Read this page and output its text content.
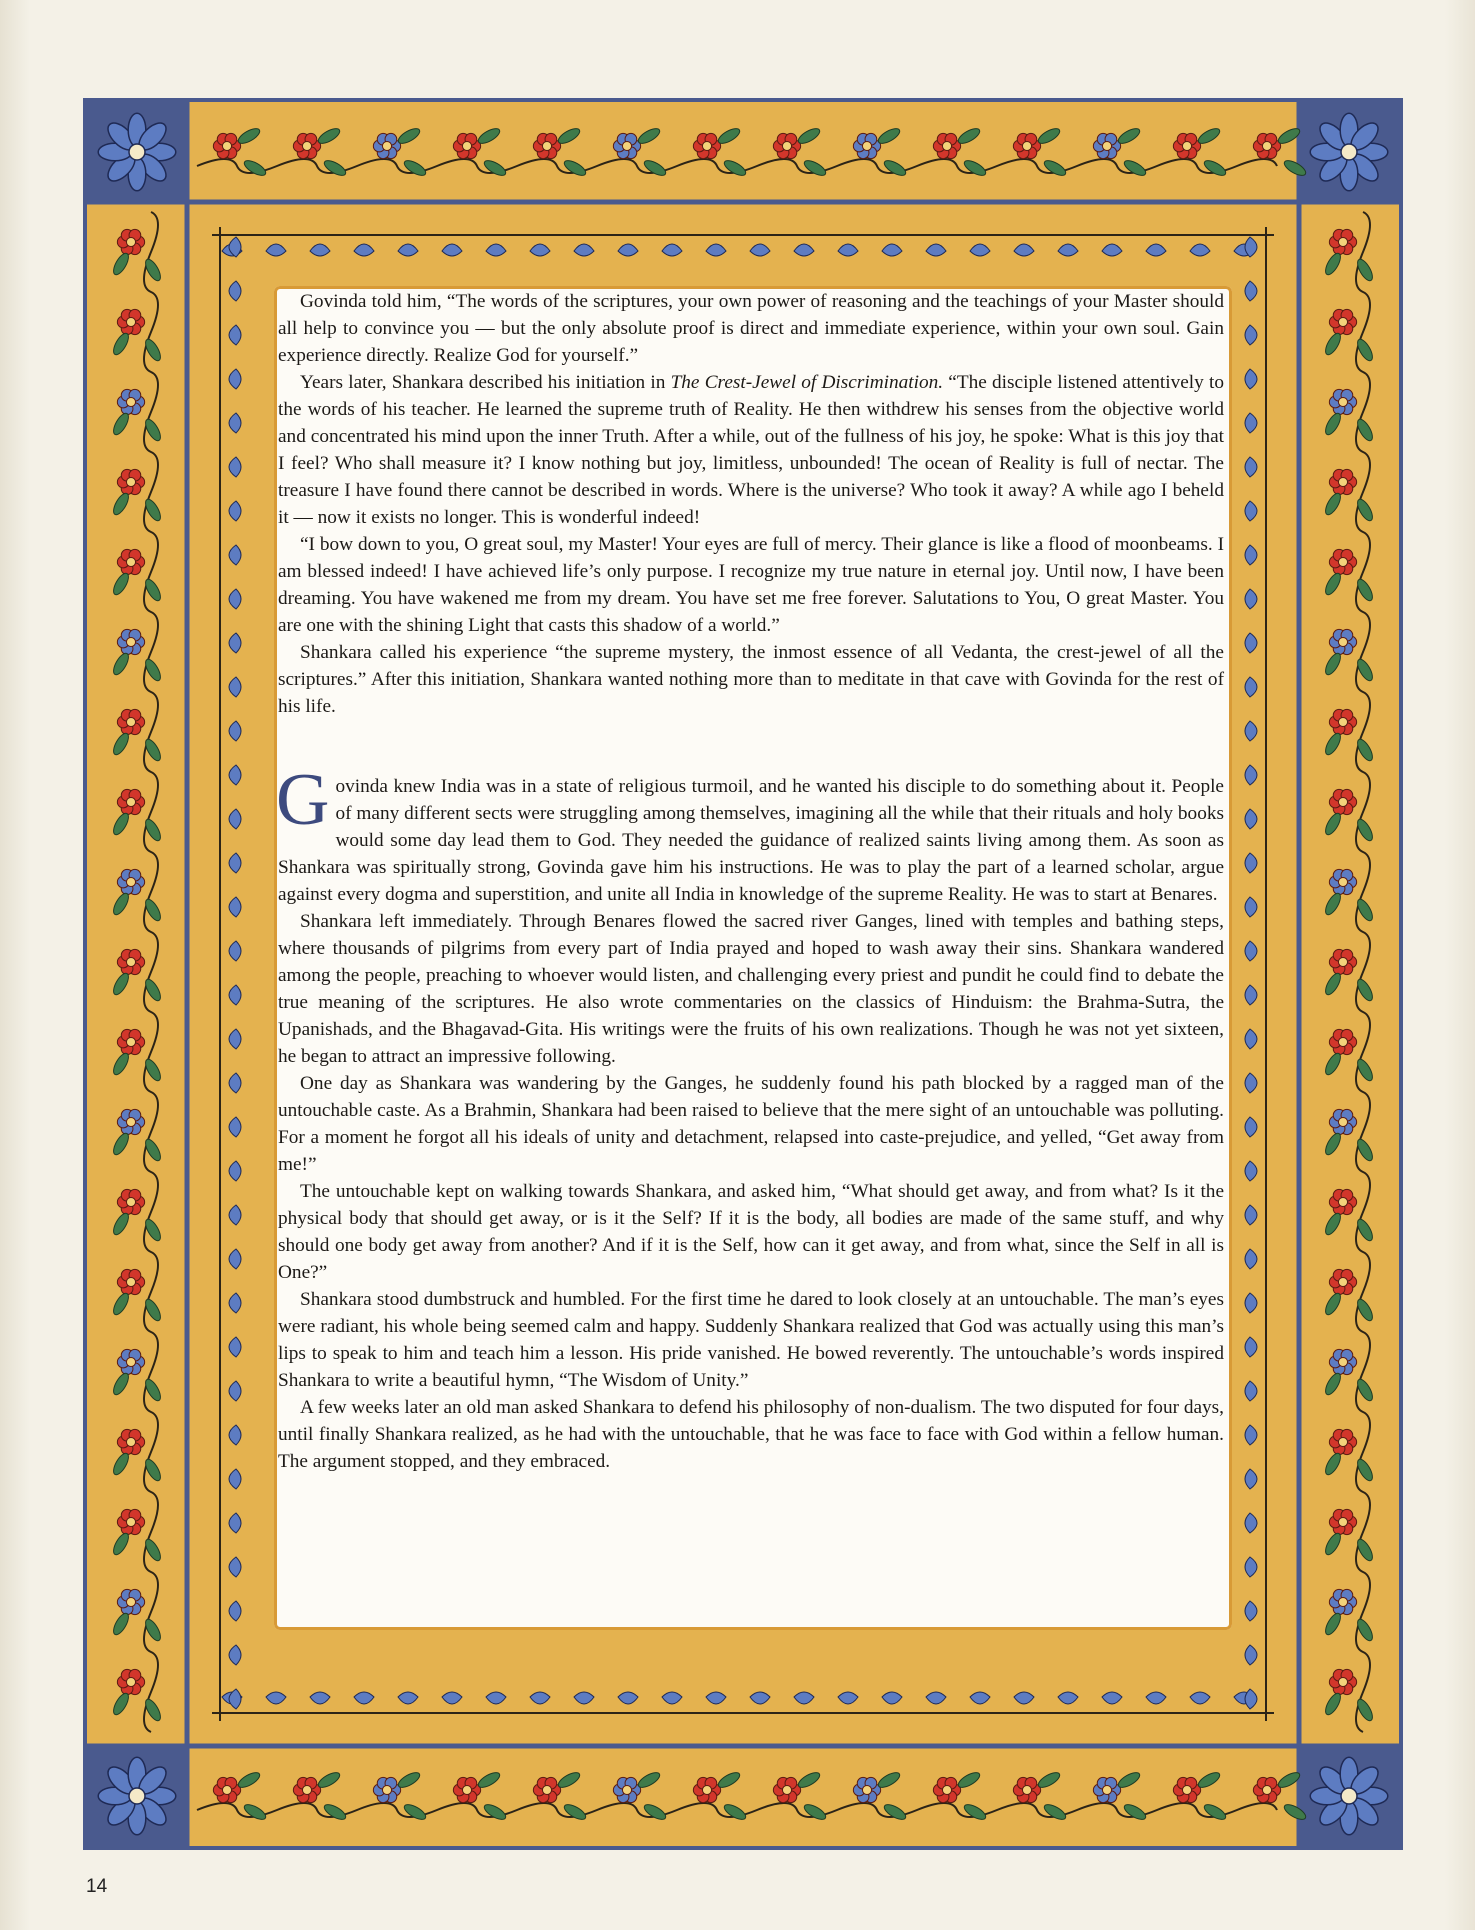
Govinda told him, “The words of the scriptures, your own power of reasoning and the teachings of your Master should all help to convince you — but the only absolute proof is direct and immediate experience, within your own soul. Gain experience directly. Realize God for yourself.”

Years later, Shankara described his initiation in The Crest-Jewel of Discrimination. “The disciple listened attentively to the words of his teacher. He learned the supreme truth of Reality. He then withdrew his senses from the objective world and concentrated his mind upon the inner Truth. After a while, out of the fullness of his joy, he spoke: What is this joy that I feel? Who shall measure it? I know nothing but joy, limitless, unbounded! The ocean of Reality is full of nectar. The treasure I have found there cannot be described in words. Where is the universe? Who took it away? A while ago I beheld it — now it exists no longer. This is wonderful indeed!

“I bow down to you, O great soul, my Master! Your eyes are full of mercy. Their glance is like a flood of moonbeams. I am blessed indeed! I have achieved life’s only purpose. I recognize my true nature in eternal joy. Until now, I have been dreaming. You have wakened me from my dream. You have set me free forever. Salutations to You, O great Master. You are one with the shining Light that casts this shadow of a world.”

Shankara called his experience “the supreme mystery, the inmost essence of all Vedanta, the crest-jewel of all the scriptures.” After this initiation, Shankara wanted nothing more than to meditate in that cave with Govinda for the rest of his life.

Govinda knew India was in a state of religious turmoil, and he wanted his disciple to do something about it. People of many different sects were struggling among themselves, imagining all the while that their rituals and holy books would some day lead them to God. They needed the guidance of realized saints living among them. As soon as Shankara was spiritually strong, Govinda gave him his instructions. He was to play the part of a learned scholar, argue against every dogma and superstition, and unite all India in knowledge of the supreme Reality. He was to start at Benares.

Shankara left immediately. Through Benares flowed the sacred river Ganges, lined with temples and bathing steps, where thousands of pilgrims from every part of India prayed and hoped to wash away their sins. Shankara wandered among the people, preaching to whoever would listen, and challenging every priest and pundit he could find to debate the true meaning of the scriptures. He also wrote commentaries on the classics of Hinduism: the Brahma-Sutra, the Upanishads, and the Bhagavad-Gita. His writings were the fruits of his own realizations. Though he was not yet sixteen, he began to attract an impressive following.

One day as Shankara was wandering by the Ganges, he suddenly found his path blocked by a ragged man of the untouchable caste. As a Brahmin, Shankara had been raised to believe that the mere sight of an untouchable was polluting. For a moment he forgot all his ideals of unity and detachment, relapsed into caste-prejudice, and yelled, “Get away from me!”

The untouchable kept on walking towards Shankara, and asked him, “What should get away, and from what? Is it the physical body that should get away, or is it the Self? If it is the body, all bodies are made of the same stuff, and why should one body get away from another? And if it is the Self, how can it get away, and from what, since the Self in all is One?”

Shankara stood dumbstruck and humbled. For the first time he dared to look closely at an untouchable. The man’s eyes were radiant, his whole being seemed calm and happy. Suddenly Shankara realized that God was actually using this man’s lips to speak to him and teach him a lesson. His pride vanished. He bowed reverently. The untouchable’s words inspired Shankara to write a beautiful hymn, “The Wisdom of Unity.”

A few weeks later an old man asked Shankara to defend his philosophy of non-dualism. The two disputed for four days, until finally Shankara realized, as he had with the untouchable, that he was face to face with God within a fellow human. The argument stopped, and they embraced.

14
